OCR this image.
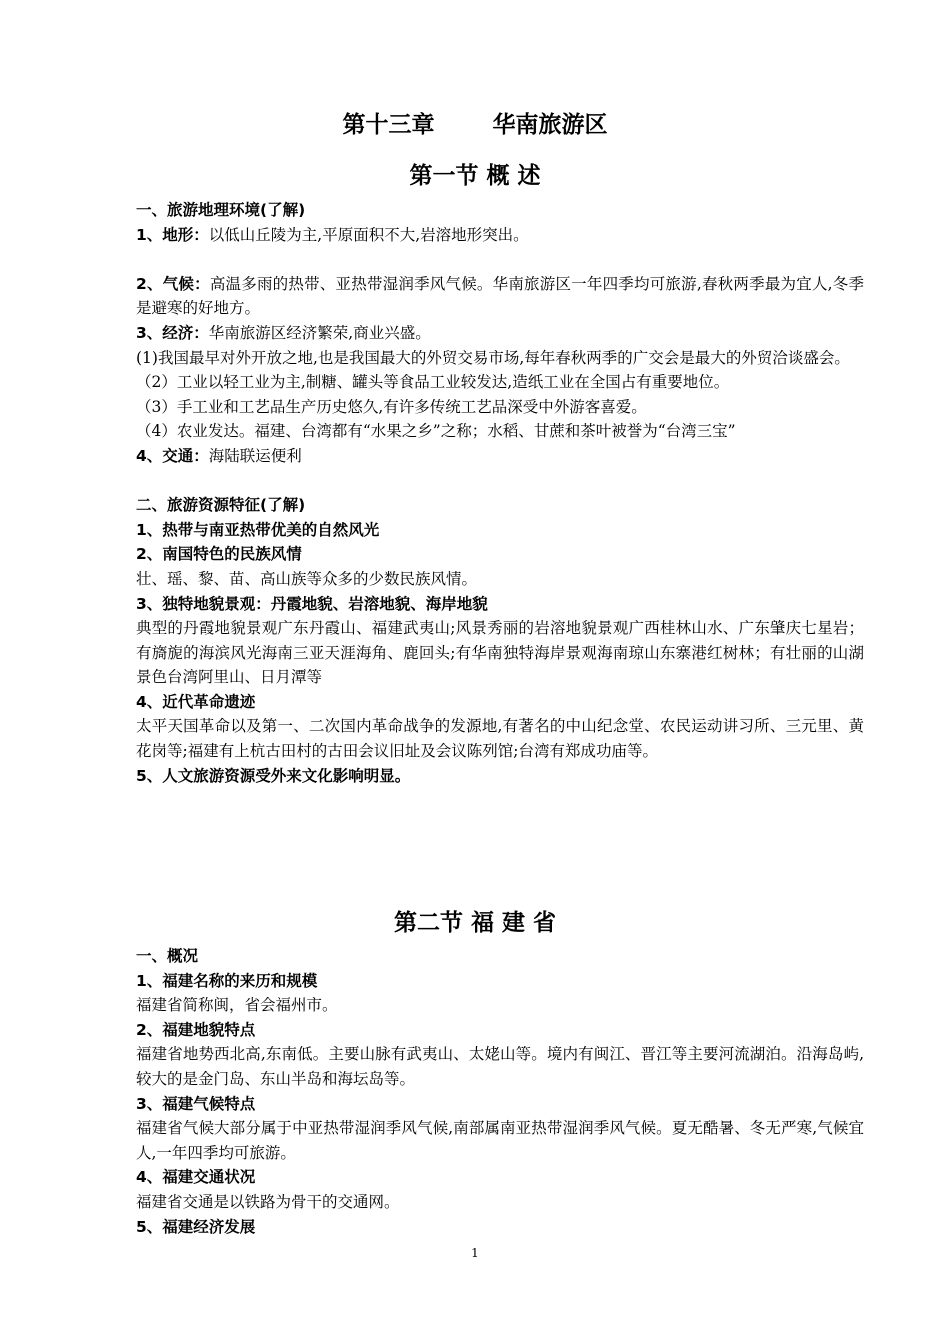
第十三章	华南旅游区
第一节 概 述

一、旅游地理环境(了解)

1、地形：以低山丘陵为主,平原面积不大,岩溶地形突出。

2、气候：高温多雨的热带、亚热带湿润季风气候。华南旅游区一年四季均可旅游,春秋两季最为宜人,冬季是避寒的好地方。

3、经济：华南旅游区经济繁荣,商业兴盛。

(1)我国最早对外开放之地,也是我国最大的外贸交易市场,每年春秋两季的广交会是最大的外贸洽谈盛会。

（2）工业以轻工业为主,制糖、罐头等食品工业较发达,造纸工业在全国占有重要地位。

（3）手工业和工艺品生产历史悠久,有许多传统工艺品深受中外游客喜爱。

（4）农业发达。福建、台湾都有“水果之乡”之称；水稻、甘蔗和茶叶被誉为“台湾三宝”

4、交通：海陆联运便利

二、旅游资源特征(了解)

1、热带与南亚热带优美的自然风光

2、南国特色的民族风情

壮、瑶、黎、苗、高山族等众多的少数民族风情。

3、独特地貌景观：丹霞地貌、岩溶地貌、海岸地貌

典型的丹霞地貌景观广东丹霞山、福建武夷山;风景秀丽的岩溶地貌景观广西桂林山水、广东肇庆七星岩；有旖旎的海滨风光海南三亚天涯海角、鹿回头;有华南独特海岸景观海南琼山东寨港红树林；有壮丽的山湖景色台湾阿里山、日月潭等

4、近代革命遗迹

太平天国革命以及第一、二次国内革命战争的发源地,有著名的中山纪念堂、农民运动讲习所、三元里、黄花岗等;福建有上杭古田村的古田会议旧址及会议陈列馆;台湾有郑成功庙等。

5、人文旅游资源受外来文化影响明显。

第二节 福 建 省

一、概况

1、福建名称的来历和规模

福建省简称闽，省会福州市。

2、福建地貌特点

福建省地势西北高,东南低。主要山脉有武夷山、太姥山等。境内有闽江、晋江等主要河流湖泊。沿海岛屿,较大的是金门岛、东山半岛和海坛岛等。

3、福建气候特点

福建省气候大部分属于中亚热带湿润季风气候,南部属南亚热带湿润季风气候。夏无酷暑、冬无严寒,气候宜人,一年四季均可旅游。

4、福建交通状况

福建省交通是以铁路为骨干的交通网。

5、福建经济发展

1
